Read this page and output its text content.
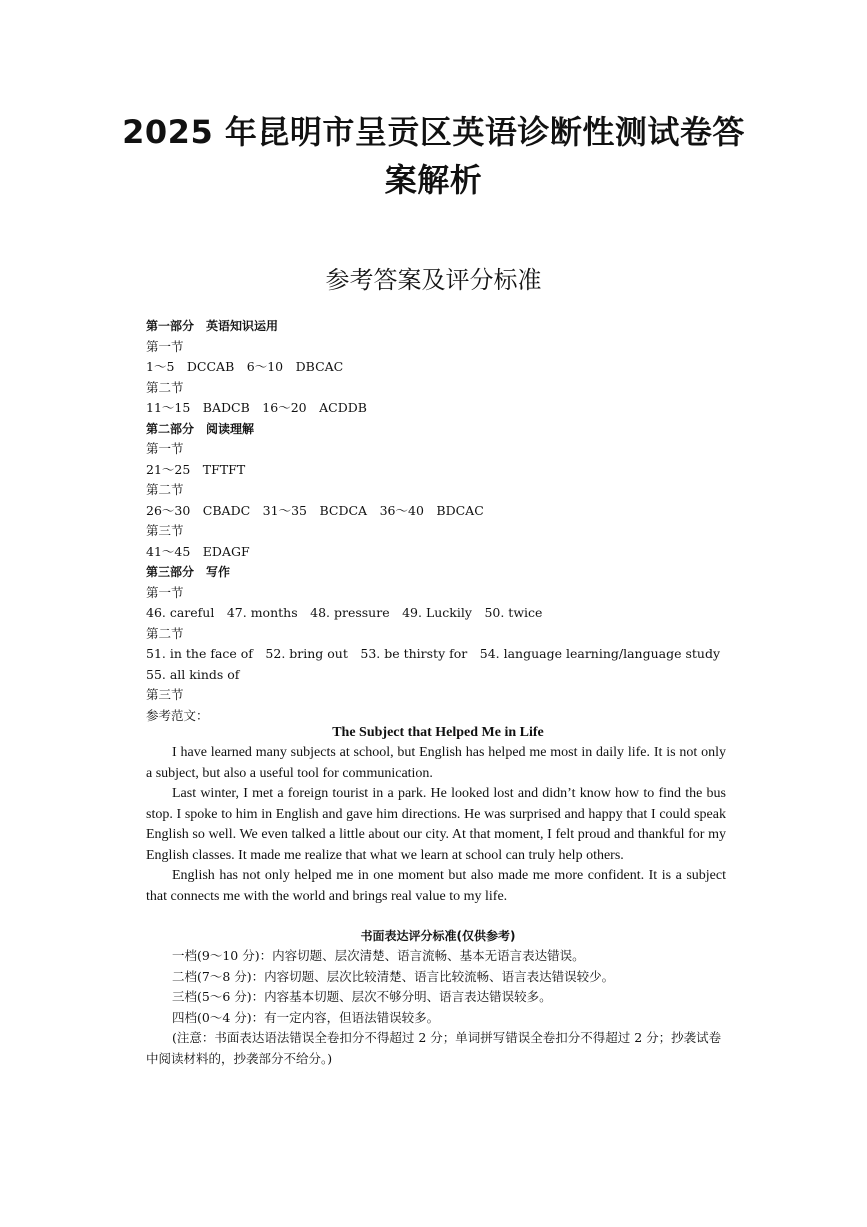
2025 年昆明市呈贡区英语诊断性测试卷答
案解析
参考答案及评分标准
第一部分　英语知识运用
第一节
1～5　DCCAB　6～10　DBCAC
第二节
11～15　BADCB　16～20　ACDDB
第二部分　阅读理解
第一节
21～25　TFTFT
第二节
26～30　CBADC　31～35　BCDCA　36～40　BDCAC
第三节
41～45　EDAGF
第三部分　写作
第一节
46. careful　47. months　48. pressure　49. Luckily　50. twice
第二节
51. in the face of　52. bring out　53. be thirsty for　54. language learning/language study
55. all kinds of
第三节
参考范文：
The Subject that Helped Me in Life

I have learned many subjects at school, but English has helped me most in daily life. It is not only a subject, but also a useful tool for communication.

Last winter, I met a foreign tourist in a park. He looked lost and didn’t know how to find the bus stop. I spoke to him in English and gave him directions. He was surprised and happy that I could speak English so well. We even talked a little about our city. At that moment, I felt proud and thankful for my English classes. It made me realize that what we learn at school can truly help others.

English has not only helped me in one moment but also made me more confident. It is a subject that connects me with the world and brings real value to my life.

书面表达评分标准(仅供参考)

一档(9～10 分)：内容切题、层次清楚、语言流畅、基本无语言表达错误。

二档(7～8 分)：内容切题、层次比较清楚、语言比较流畅、语言表达错误较少。

三档(5～6 分)：内容基本切题、层次不够分明、语言表达错误较多。

四档(0～4 分)：有一定内容，但语法错误较多。

(注意：书面表达语法错误全卷扣分不得超过 2 分；单词拼写错误全卷扣分不得超过 2 分；抄袭试卷中阅读材料的，抄袭部分不给分。)
